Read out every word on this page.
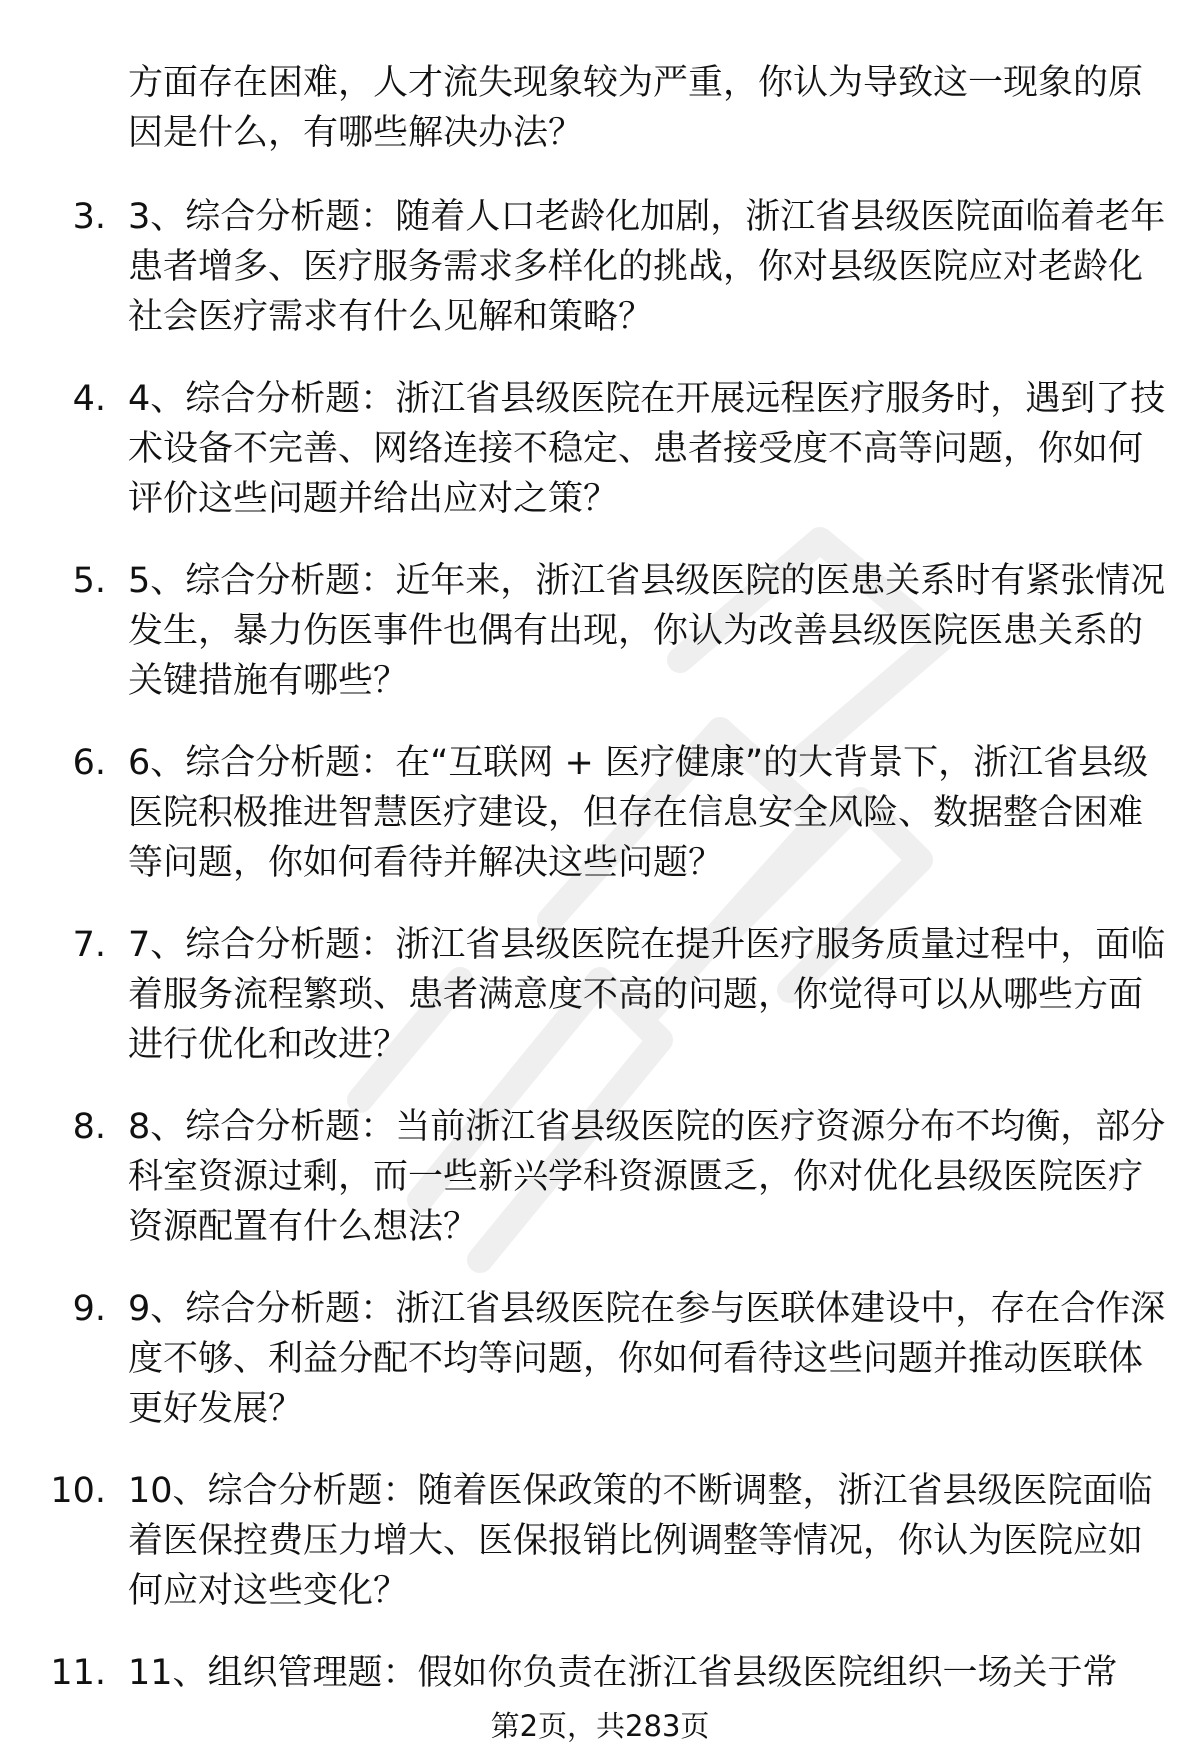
方面存在困难，人才流失现象较为严重，你认为导致这一现象的原因是什么，有哪些解决办法？
3. 3、综合分析题：随着人口老龄化加剧，浙江省县级医院面临着老年患者增多、医疗服务需求多样化的挑战，你对县级医院应对老龄化社会医疗需求有什么见解和策略？
4. 4、综合分析题：浙江省县级医院在开展远程医疗服务时，遇到了技术设备不完善、网络连接不稳定、患者接受度不高等问题，你如何评价这些问题并给出应对之策？
5. 5、综合分析题：近年来，浙江省县级医院的医患关系时有紧张情况发生，暴力伤医事件也偶有出现，你认为改善县级医院医患关系的关键措施有哪些？
6. 6、综合分析题：在“互联网 + 医疗健康”的大背景下，浙江省县级医院积极推进智慧医疗建设，但存在信息安全风险、数据整合困难等问题，你如何看待并解决这些问题？
7. 7、综合分析题：浙江省县级医院在提升医疗服务质量过程中，面临着服务流程繁琐、患者满意度不高的问题，你觉得可以从哪些方面进行优化和改进？
8. 8、综合分析题：当前浙江省县级医院的医疗资源分布不均衡，部分科室资源过剩，而一些新兴学科资源匮乏，你对优化县级医院医疗资源配置有什么想法？
9. 9、综合分析题：浙江省县级医院在参与医联体建设中，存在合作深度不够、利益分配不均等问题，你如何看待这些问题并推动医联体更好发展？
10. 10、综合分析题：随着医保政策的不断调整，浙江省县级医院面临着医保控费压力增大、医保报销比例调整等情况，你认为医院应如何应对这些变化？
11. 11、组织管理题：假如你负责在浙江省县级医院组织一场关于常
第2页，共283页
